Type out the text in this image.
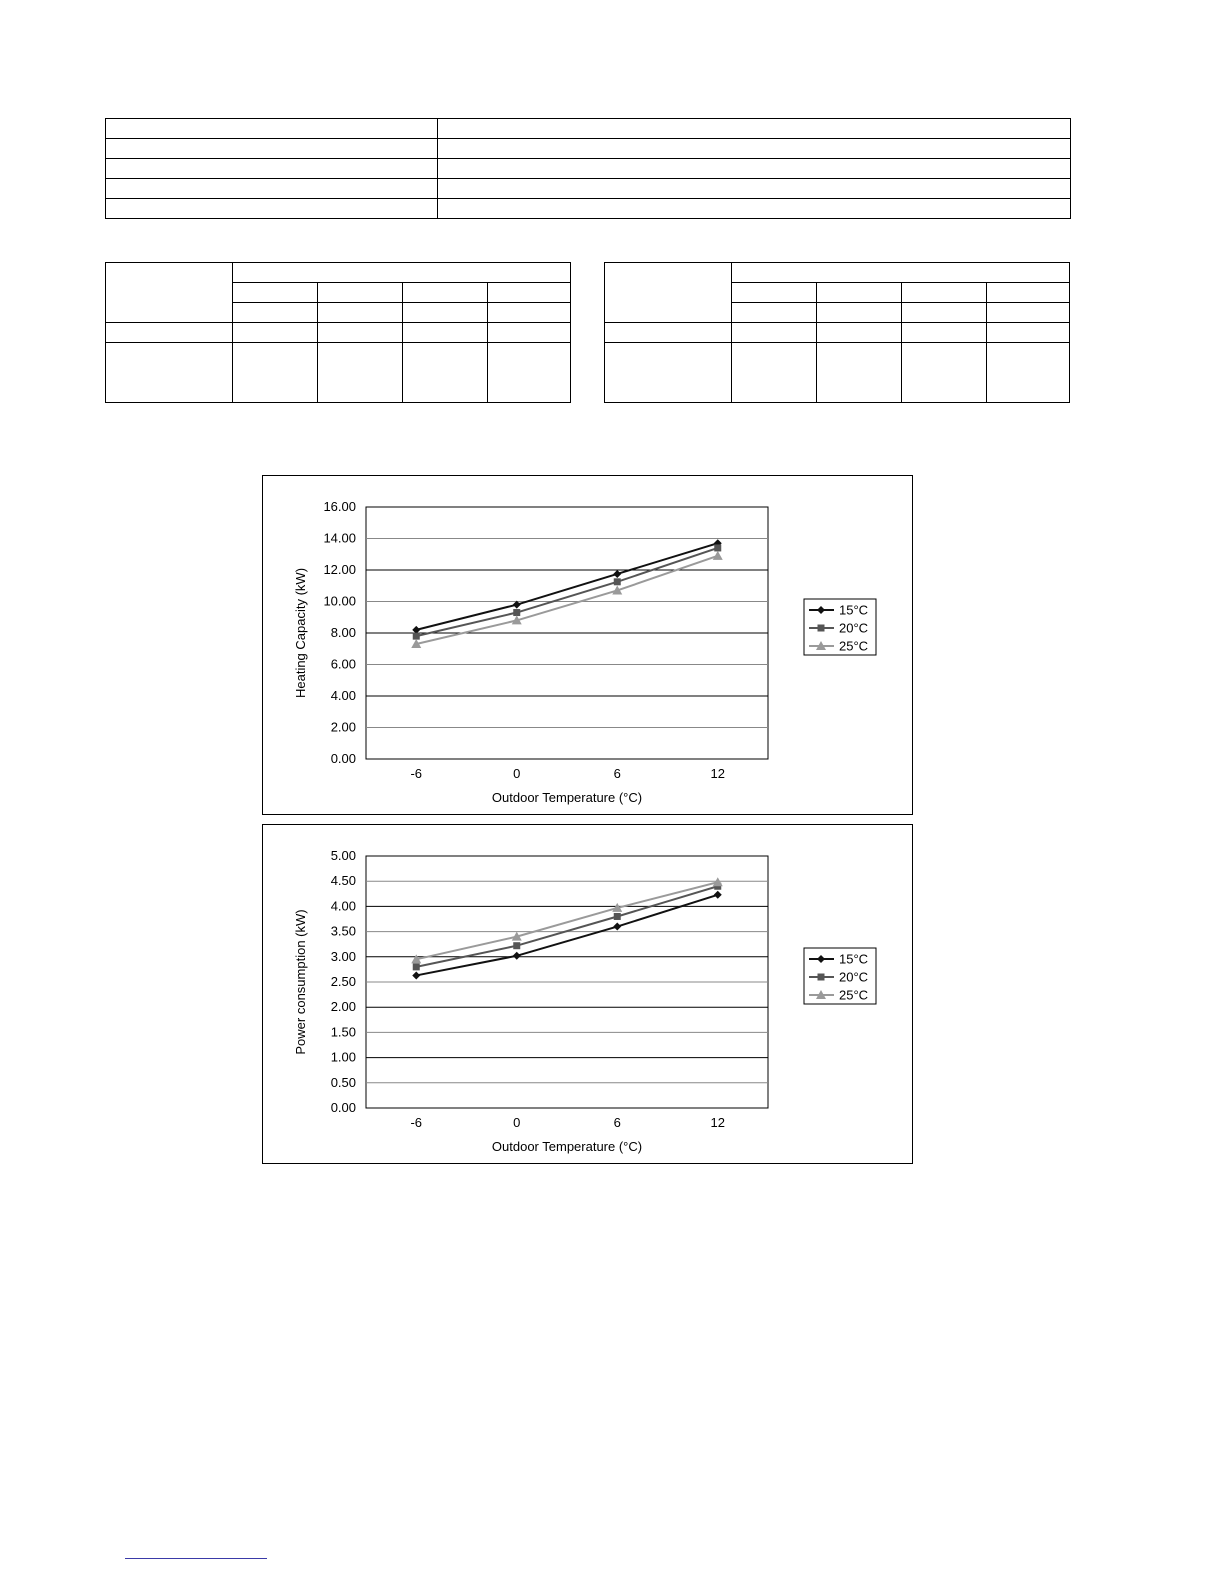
0.00
2.00
4.00
6.00
8.00
10.00
12.00
14.00
16.00
-6	0	6	12
Outdoor Temperature (°C)
Heating Capacity (kW)	15°C
20°C
25°C
0.00
0.50
1.00
1.50
2.00
2.50
3.00
3.50
4.00
4.50
5.00
-6	0	6	12
Outdoor Temperature (°C)
Power consumption (kW)	15°C
20°C
25°C
